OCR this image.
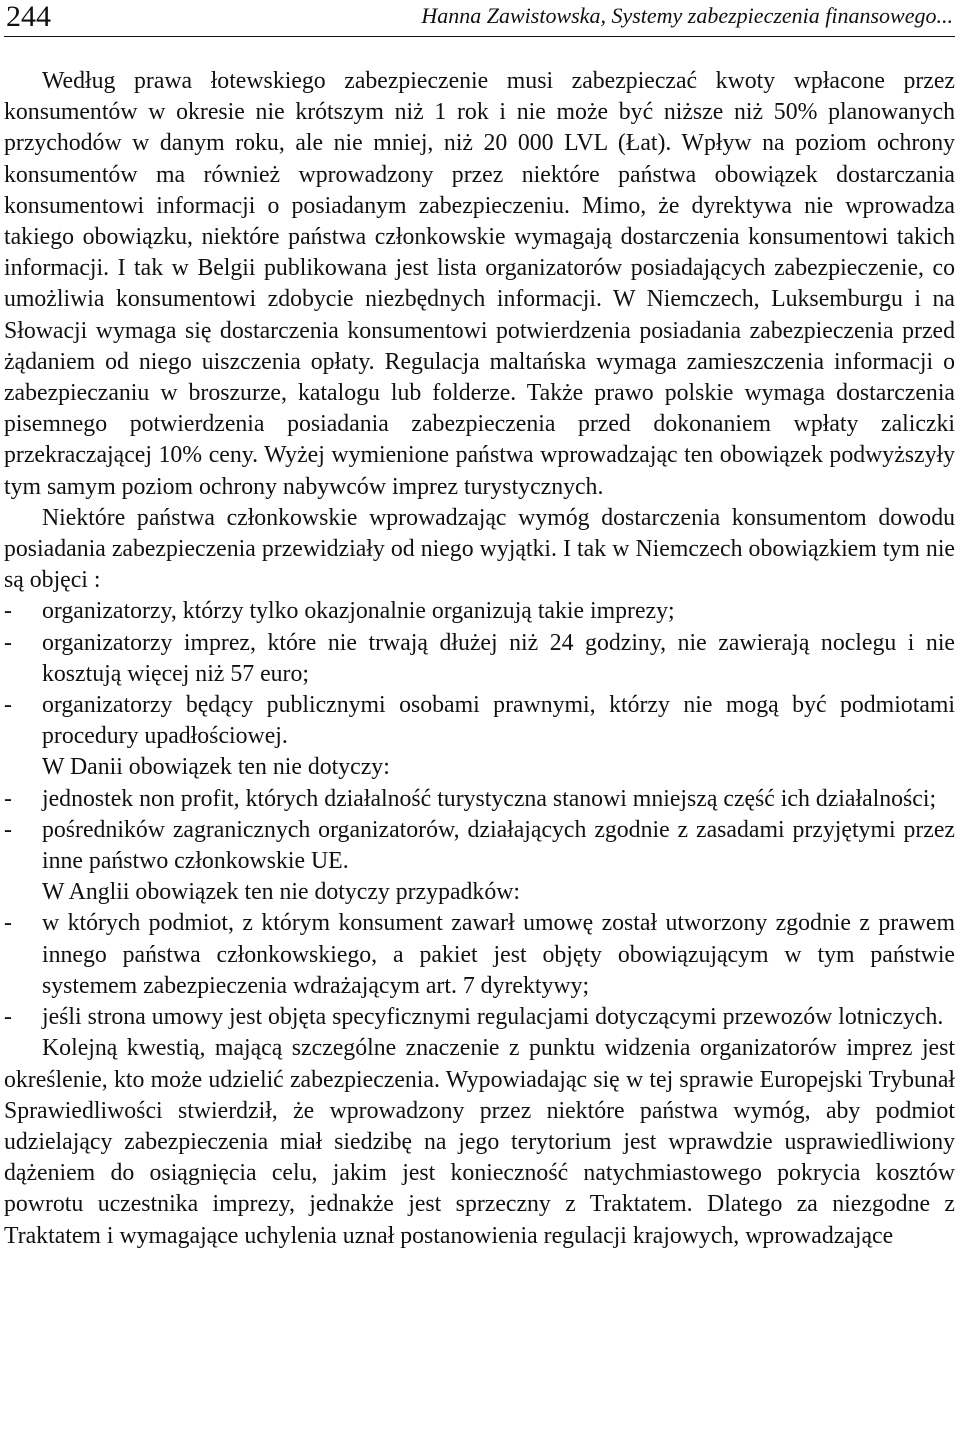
244	Hanna Zawistowska, Systemy zabezpieczenia finansowego...

Według prawa łotewskiego zabezpieczenie musi zabezpieczać kwoty wpłacone przez konsumentów w okresie nie krótszym niż 1 rok i nie może być niższe niż 50% planowanych przychodów w danym roku, ale nie mniej, niż 20 000 LVL (Łat). Wpływ na poziom ochrony konsumentów ma również wprowadzony przez niektóre państwa obowiązek dostarczania konsumentowi informacji o posiadanym zabezpieczeniu. Mimo, że dyrektywa nie wprowadza takiego obowiązku, niektóre państwa członkowskie wymagają dostarczenia konsumentowi takich informacji. I tak w Belgii publikowana jest lista organizatorów posiadających zabezpieczenie, co umożliwia konsumentowi zdobycie niezbędnych informacji. W Niemczech, Luksemburgu i na Słowacji wymaga się dostarczenia konsumentowi potwierdzenia posiadania zabezpieczenia przed żądaniem od niego uiszczenia opłaty. Regulacja maltańska wymaga zamieszczenia informacji o zabezpieczaniu w broszurze, katalogu lub folderze. Także prawo polskie wymaga dostarczenia pisemnego potwierdzenia posiadania zabezpieczenia przed dokonaniem wpłaty zaliczki przekraczającej 10% ceny. Wyżej wymienione państwa wprowadzając ten obowiązek podwyższyły tym samym poziom ochrony nabywców imprez turystycznych.

Niektóre państwa członkowskie wprowadzając wymóg dostarczenia konsumentom dowodu posiadania zabezpieczenia przewidziały od niego wyjątki. I tak w Niemczech obowiązkiem tym nie są objęci :

- organizatorzy, którzy tylko okazjonalnie organizują takie imprezy;
- organizatorzy imprez, które nie trwają dłużej niż 24 godziny, nie zawierają noclegu i nie kosztują więcej niż 57 euro;
- organizatorzy będący publicznymi osobami prawnymi, którzy nie mogą być podmiotami procedury upadłościowej.

W Danii obowiązek ten nie dotyczy:

- jednostek non profit, których działalność turystyczna stanowi mniejszą część ich działalności;
- pośredników zagranicznych organizatorów, działających zgodnie z zasadami przyjętymi przez inne państwo członkowskie UE.

W Anglii obowiązek ten nie dotyczy przypadków:

- w których podmiot, z którym konsument zawarł umowę został utworzony zgodnie z prawem innego państwa członkowskiego, a pakiet jest objęty obowiązującym w tym państwie systemem zabezpieczenia wdrażającym art. 7 dyrektywy;
- jeśli strona umowy jest objęta specyficznymi regulacjami dotyczącymi przewozów lotniczych.

Kolejną kwestią, mającą szczególne znaczenie z punktu widzenia organizatorów imprez jest określenie, kto może udzielić zabezpieczenia. Wypowiadając się w tej sprawie Europejski Trybunał Sprawiedliwości stwierdził, że wprowadzony przez niektóre państwa wymóg, aby podmiot udzielający zabezpieczenia miał siedzibę na jego terytorium jest wprawdzie usprawiedliwiony dążeniem do osiągnięcia celu, jakim jest konieczność natychmiastowego pokrycia kosztów powrotu uczestnika imprezy, jednakże jest sprzeczny z Traktatem. Dlatego za niezgodne z Traktatem i wymagające uchylenia uznał postanowienia regulacji krajowych, wprowadzające
